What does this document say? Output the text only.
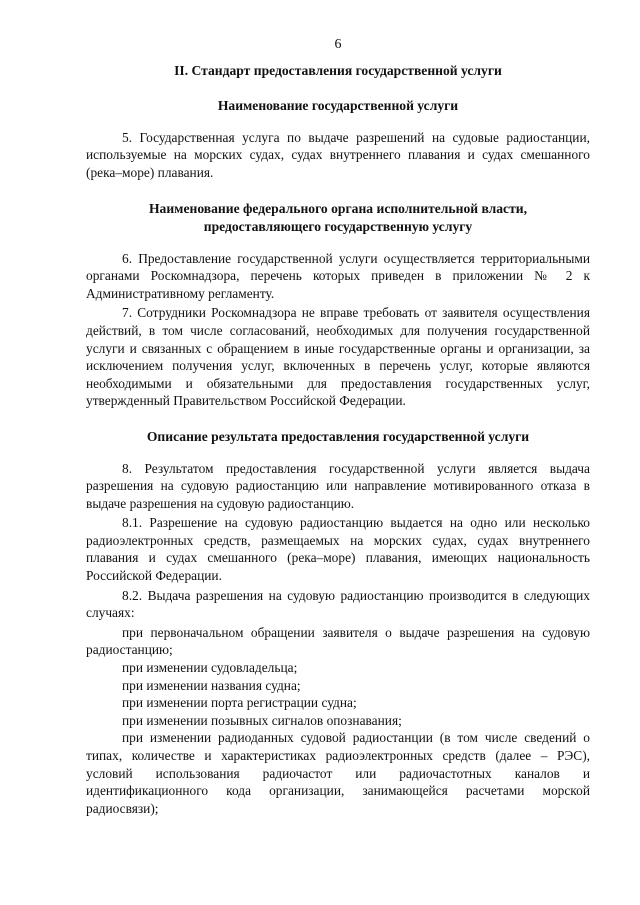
6
II. Стандарт предоставления государственной услуги
Наименование государственной услуги

5. Государственная услуга по выдаче разрешений на судовые радиостанции, используемые на морских судах, судах внутреннего плавания и судах смешанного (река–море) плавания.

Наименование федерального органа исполнительной власти,
предоставляющего государственную услугу

6. Предоставление государственной услуги осуществляется территориальными органами Роскомнадзора, перечень которых приведен в приложении № 2 к Административному регламенту.

7. Сотрудники Роскомнадзора не вправе требовать от заявителя осуществления действий, в том числе согласований, необходимых для получения государственной услуги и связанных с обращением в иные государственные органы и организации, за исключением получения услуг, включенных в перечень услуг, которые являются необходимыми и обязательными для предоставления государственных услуг, утвержденный Правительством Российской Федерации.

Описание результата предоставления государственной услуги

8. Результатом предоставления государственной услуги является выдача разрешения на судовую радиостанцию или направление мотивированного отказа в выдаче разрешения на судовую радиостанцию.

8.1. Разрешение на судовую радиостанцию выдается на одно или несколько радиоэлектронных средств, размещаемых на морских судах, судах внутреннего плавания и судах смешанного (река–море) плавания, имеющих национальность Российской Федерации.

8.2. Выдача разрешения на судовую радиостанцию производится в следующих случаях:

при первоначальном обращении заявителя о выдаче разрешения на судовую радиостанцию;

при изменении судовладельца;

при изменении названия судна;

при изменении порта регистрации судна;

при изменении позывных сигналов опознавания;

при изменении радиоданных судовой радиостанции (в том числе сведений о типах, количестве и характеристиках радиоэлектронных средств (далее – РЭС), условий использования радиочастот или радиочастотных каналов и идентификационного кода организации, занимающейся расчетами морской радиосвязи);
